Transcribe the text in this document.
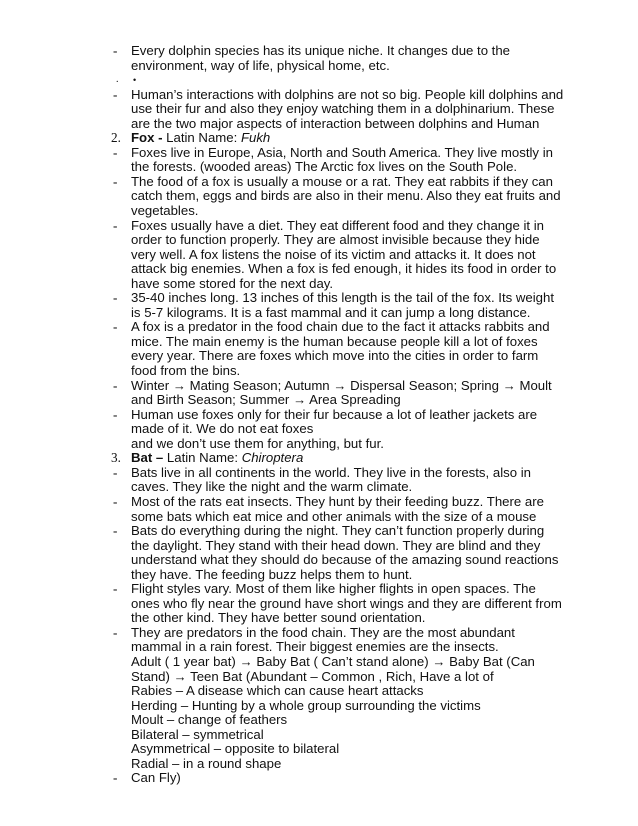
-	Every dolphin species has its unique niche. It changes due to the
environment, way of life, physical home, etc.
.	•
-	Human’s interactions with dolphins are not so big. People kill dolphins and
use their fur and also they enjoy watching them in a dolphinarium. These
are the two major aspects of interaction between dolphins and Human
2. Fox - Latin Name: Fukh
-	Foxes live in Europe, Asia, North and South America. They live mostly in
the forests. (wooded areas) The Arctic fox lives on the South Pole.
-	The food of a fox is usually a mouse or a rat. They eat rabbits if they can
catch them, eggs and birds are also in their menu. Also they eat fruits and
vegetables.
-	Foxes usually have a diet. They eat different food and they change it in
order to function properly. They are almost invisible because they hide
very well. A fox listens the noise of its victim and attacks it. It does not
attack big enemies. When a fox is fed enough, it hides its food in order to
have some stored for the next day.
-	35-40 inches long. 13 inches of this length is the tail of the fox. Its weight
is 5-7 kilograms. It is a fast mammal and it can jump a long distance.
-	A fox is a predator in the food chain due to the fact it attacks rabbits and
mice. The main enemy is the human because people kill a lot of foxes
every year. There are foxes which move into the cities in order to farm
food from the bins.
-	Winter → Mating Season; Autumn → Dispersal Season; Spring → Moult
and Birth Season; Summer → Area Spreading
-	Human use foxes only for their fur because a lot of leather jackets are
made of it. We do not eat foxes
and we don’t use them for anything, but fur.
3. Bat – Latin Name: Chiroptera
-	Bats live in all continents in the world. They live in the forests, also in
caves. They like the night and the warm climate.
-	Most of the rats eat insects. They hunt by their feeding buzz. There are
some bats which eat mice and other animals with the size of a mouse
-	Bats do everything during the night. They can’t function properly during
the daylight. They stand with their head down. They are blind and they
understand what they should do because of the amazing sound reactions
they have. The feeding buzz helps them to hunt.
-	Flight styles vary. Most of them like higher flights in open spaces. The
ones who fly near the ground have short wings and they are different from
the other kind. They have better sound orientation.
-	They are predators in the food chain. They are the most abundant
mammal in a rain forest. Their biggest enemies are the insects.
Adult ( 1 year bat) → Baby Bat ( Can’t stand alone) → Baby Bat (Can
Stand) → Teen Bat (Abundant – Common , Rich, Have a lot of
Rabies – A disease which can cause heart attacks
Herding – Hunting by a whole group surrounding the victims
Moult – change of feathers
Bilateral – symmetrical
Asymmetrical – opposite to bilateral
Radial – in a round shape
-	Can Fly)
